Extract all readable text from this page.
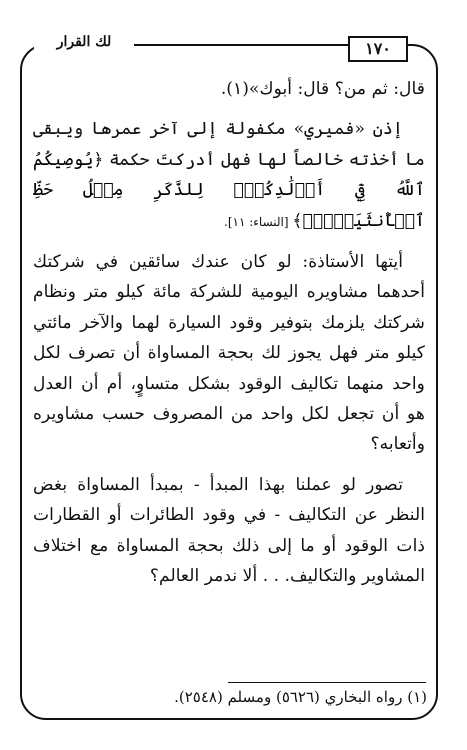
١٧٠
لك القرار

قال: ثم من؟ قال: أبوك»(١).

إذن «فميري» مكفولة إلى آخر عمرها ويبقى ما أخذته خالصاً لها فهل أدركتَ حكمة ﴿يُوصِيكُمُ ٱللَّهُ فِيٓ أَوۡلَٰدِكُمۡۖ لِلذَّكَرِ مِثۡلُ حَظِّ ٱلۡأُنثَيَيۡنِۚ﴾ [النساء: ١١].

أيتها الأستاذة: لو كان عندك سائقين في شركتك أحدهما مشاويره اليومية للشركة مائة كيلو متر ونظام شركتك يلزمك بتوفير وقود السيارة لهما والآخر مائتي كيلو متر فهل يجوز لك بحجة المساواة أن تصرف لكل واحد منهما تكاليف الوقود بشكل متساوٍ، أم أن العدل هو أن تجعل لكل واحد من المصروف حسب مشاويره وأتعابه؟

تصور لو عملنا بهذا المبدأ - بمبدأ المساواة بغض النظر عن التكاليف - في وقود الطائرات أو القطارات ذات الوقود أو ما إلى ذلك بحجة المساواة مع اختلاف المشاوير والتكاليف. . . ألا ندمر العالم؟

(١) رواه البخاري (٥٦٢٦) ومسلم (٢٥٤٨).
